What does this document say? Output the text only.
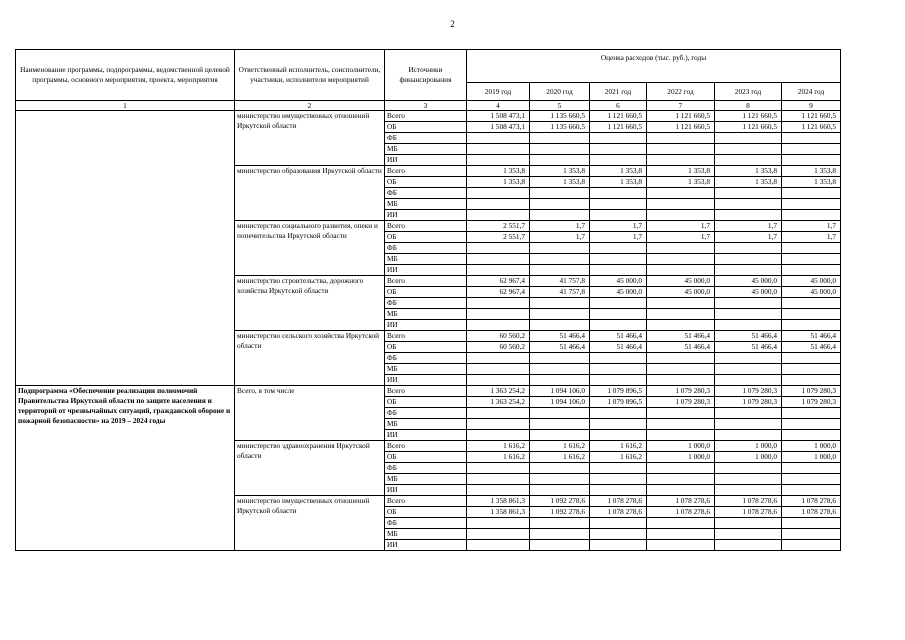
2
Наименование программы, подпрограммы, ведомственной целевой программы, основного мероприятия, проекта, мероприятия	Ответственный исполнитель, соисполнители, участники, исполнители мероприятий	Источники финансирования	Оценка расходов (тыс. руб.), годы					
			2019 год	2020 год	2021 год	2022 год	2023 год	2024 год
1	2	3	4	5	6	7	8	9
	министерство имущественных отношений Иркутской области	Всего	1 508 473,1	1 135 660,5	1 121 660,5	1 121 660,5	1 121 660,5	1 121 660,5
		ОБ	1 508 473,1	1 135 660,5	1 121 660,5	1 121 660,5	1 121 660,5	1 121 660,5
		ФБ						
		МБ						
		ИИ						
	министерство образования Иркутской области	Всего	1 353,8	1 353,8	1 353,8	1 353,8	1 353,8	1 353,8
		ОБ	1 353,8	1 353,8	1 353,8	1 353,8	1 353,8	1 353,8
		ФБ						
		МБ						
		ИИ						
	министерство социального развития, опеки и попечительства Иркутской области	Всего	2 551,7	1,7	1,7	1,7	1,7	1,7
		ОБ	2 551,7	1,7	1,7	1,7	1,7	1,7
		ФБ						
		МБ						
		ИИ						
	министерство строительства, дорожного хозяйства Иркутской области	Всего	62 967,4	41 757,8	45 000,0	45 000,0	45 000,0	45 000,0
		ОБ	62 967,4	41 757,8	45 000,0	45 000,0	45 000,0	45 000,0
		ФБ						
		МБ						
		ИИ						
	министерство сельского хозяйства Иркутской области	Всего	60 560,2	51 466,4	51 466,4	51 466,4	51 466,4	51 466,4
		ОБ	60 560,2	51 466,4	51 466,4	51 466,4	51 466,4	51 466,4
		ФБ						
		МБ						
		ИИ						
Подпрограмма «Обеспечение реализации полномочий Правительства Иркутской области по защите населения и территорий от чрезвычайных ситуаций, гражданской обороне и пожарной безопасности» на 2019 – 2024 годы	Всего, в том числе	Всего	1 363 254,2	1 094 106,0	1 079 896,5	1 079 280,3	1 079 280,3	1 079 280,3
		ОБ	1 363 254,2	1 094 106,0	1 079 896,5	1 079 280,3	1 079 280,3	1 079 280,3
		ФБ						
		МБ						
		ИИ						
	министерство здравоохранения Иркутской области	Всего	1 616,2	1 616,2	1 616,2	1 000,0	1 000,0	1 000,0
		ОБ	1 616,2	1 616,2	1 616,2	1 000,0	1 000,0	1 000,0
		ФБ						
		МБ						
		ИИ						
	министерство имущественных отношений Иркутской области	Всего	1 358 861,3	1 092 278,6	1 078 278,6	1 078 278,6	1 078 278,6	1 078 278,6
		ОБ	1 358 861,3	1 092 278,6	1 078 278,6	1 078 278,6	1 078 278,6	1 078 278,6
		ФБ						
		МБ						
		ИИ						
